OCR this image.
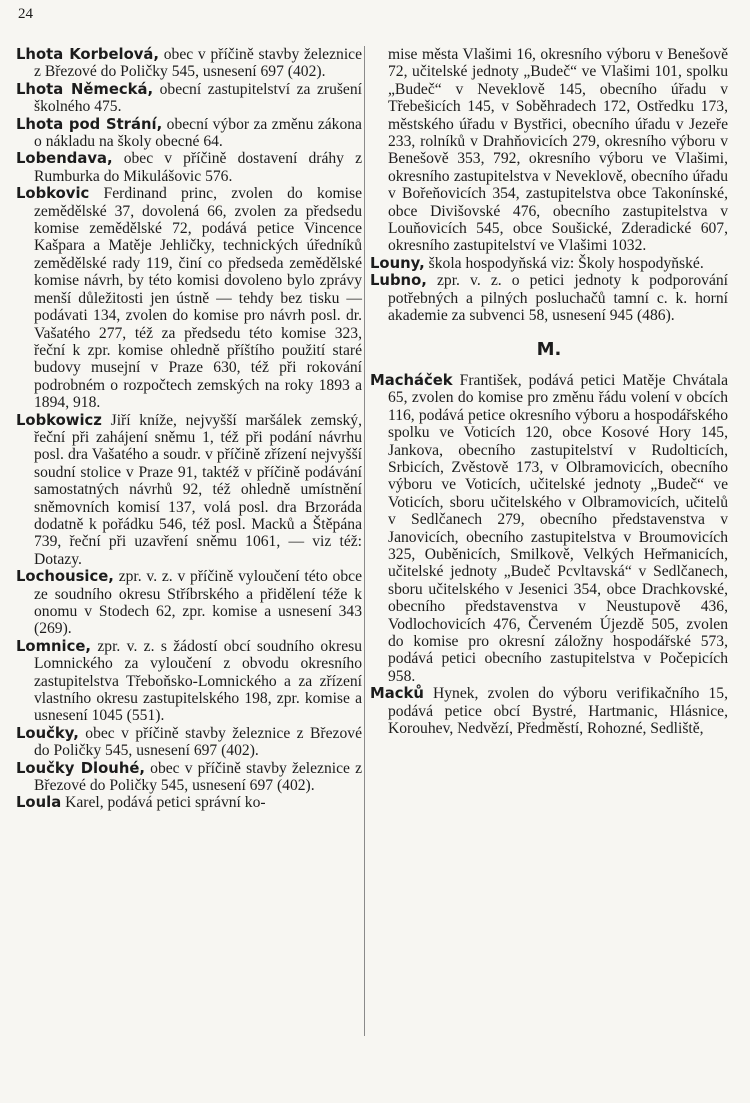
24

Lhota Korbelová, obec v příčině stavby železnice z Březové do Poličky 545, usnesení 697 (402).

Lhota Německá, obecní zastupitelství za zrušení školného 475.

Lhota pod Strání, obecní výbor za změnu zákona o nákladu na školy obecné 64.

Lobendava, obec v příčině dostavení dráhy z Rumburka do Mikulášovic 576.

Lobkovic Ferdinand princ, zvolen do komise zemědělské 37, dovolená 66, zvolen za předsedu komise zemědělské 72, podává petice Vincence Kašpara a Matěje Jehličky, technických úředníků zemědělské rady 119, činí co předseda zemědělské komise návrh, by této komisi dovoleno bylo zprávy menší důležitosti jen ústně — tehdy bez tisku — podávati 134, zvolen do komise pro návrh posl. dr. Vašatého 277, též za předsedu této komise 323, řeční k zpr. komise ohledně příštího použití staré budovy musejní v Praze 630, též při rokování podrobném o rozpočtech zemských na roky 1893 a 1894, 918.

Lobkowicz Jiří kníže, nejvyšší maršálek zemský, řeční při zahájení sněmu 1, též při podání návrhu posl. dra Vašatého a soudr. v příčině zřízení nejvyšší soudní stolice v Praze 91, taktéž v příčině podávání samostatných návrhů 92, též ohledně umístnění sněmovních komisí 137, volá posl. dra Brzoráda dodatně k pořádku 546, též posl. Macků a Štěpána 739, řeční při uzavření sněmu 1061, — viz též: Dotazy.

Lochousice, zpr. v. z. v příčině vyloučení této obce ze soudního okresu Stříbrského a přidělení téže k onomu v Stodech 62, zpr. komise a usnesení 343 (269).

Lomnice, zpr. v. z. s žádostí obcí soudního okresu Lomnického za vyloučení z obvodu okresního zastupitelstva Třeboňsko-Lomnického a za zřízení vlastního okresu zastupitelského 198, zpr. komise a usnesení 1045 (551).

Loučky, obec v příčině stavby železnice z Březové do Poličky 545, usnesení 697 (402).

Loučky Dlouhé, obec v příčině stavby železnice z Březové do Poličky 545, usnesení 697 (402).

Loula Karel, podává petici správní ko-

mise města Vlašimi 16, okresního výboru v Benešově 72, učitelské jednoty „Budeč“ ve Vlašimi 101, spolku „Budeč“ v Neveklově 145, obecního úřadu v Třebešicích 145, v Soběhradech 172, Ostředku 173, městského úřadu v Bystřici, obecního úřadu v Jezeře 233, rolníků v Drahňovicích 279, okresního výboru v Benešově 353, 792, okresního výboru ve Vlašimi, okresního zastupitelstva v Neveklově, obecního úřadu v Bořeňovicích 354, zastupitelstva obce Takonínské, obce Divišovské 476, obecního zastupitelstva v Louňovicích 545, obce Soušické, Zderadické 607, okresního zastupitelství ve Vlašimi 1032.

Louny, škola hospodyňská viz: Školy hospodyňské.

Lubno, zpr. v. z. o petici jednoty k podporování potřebných a pilných posluchačů tamní c. k. horní akademie za subvenci 58, usnesení 945 (486).

M.

Macháček František, podává petici Matěje Chvátala 65, zvolen do komise pro změnu řádu volení v obcích 116, podává petice okresního výboru a hospodářského spolku ve Voticích 120, obce Kosové Hory 145, Jankova, obecního zastupitelství v Rudolticích, Srbicích, Zvěstově 173, v Olbramovicích, obecního výboru ve Voticích, učitelské jednoty „Budeč“ ve Voticích, sboru učitelského v Olbramovicích, učitelů v Sedlčanech 279, obecního představenstva v Janovicích, obecního zastupitelstva v Broumovicích 325, Ouběnicích, Smilkově, Velkých Heřmanicích, učitelské jednoty „Budeč Pcvltavská“ v Sedlčanech, sboru učitelského v Jesenici 354, obce Drachkovské, obecního představenstva v Neustupově 436, Vodlochovicích 476, Červeném Újezdě 505, zvolen do komise pro okresní záložny hospodářské 573, podává petici obecního zastupitelstva v Počepicích 958.

Macků Hynek, zvolen do výboru verifikačního 15, podává petice obcí Bystré, Hartmanic, Hlásnice, Korouhev, Nedvězí, Předměstí, Rohozné, Sedliště,
